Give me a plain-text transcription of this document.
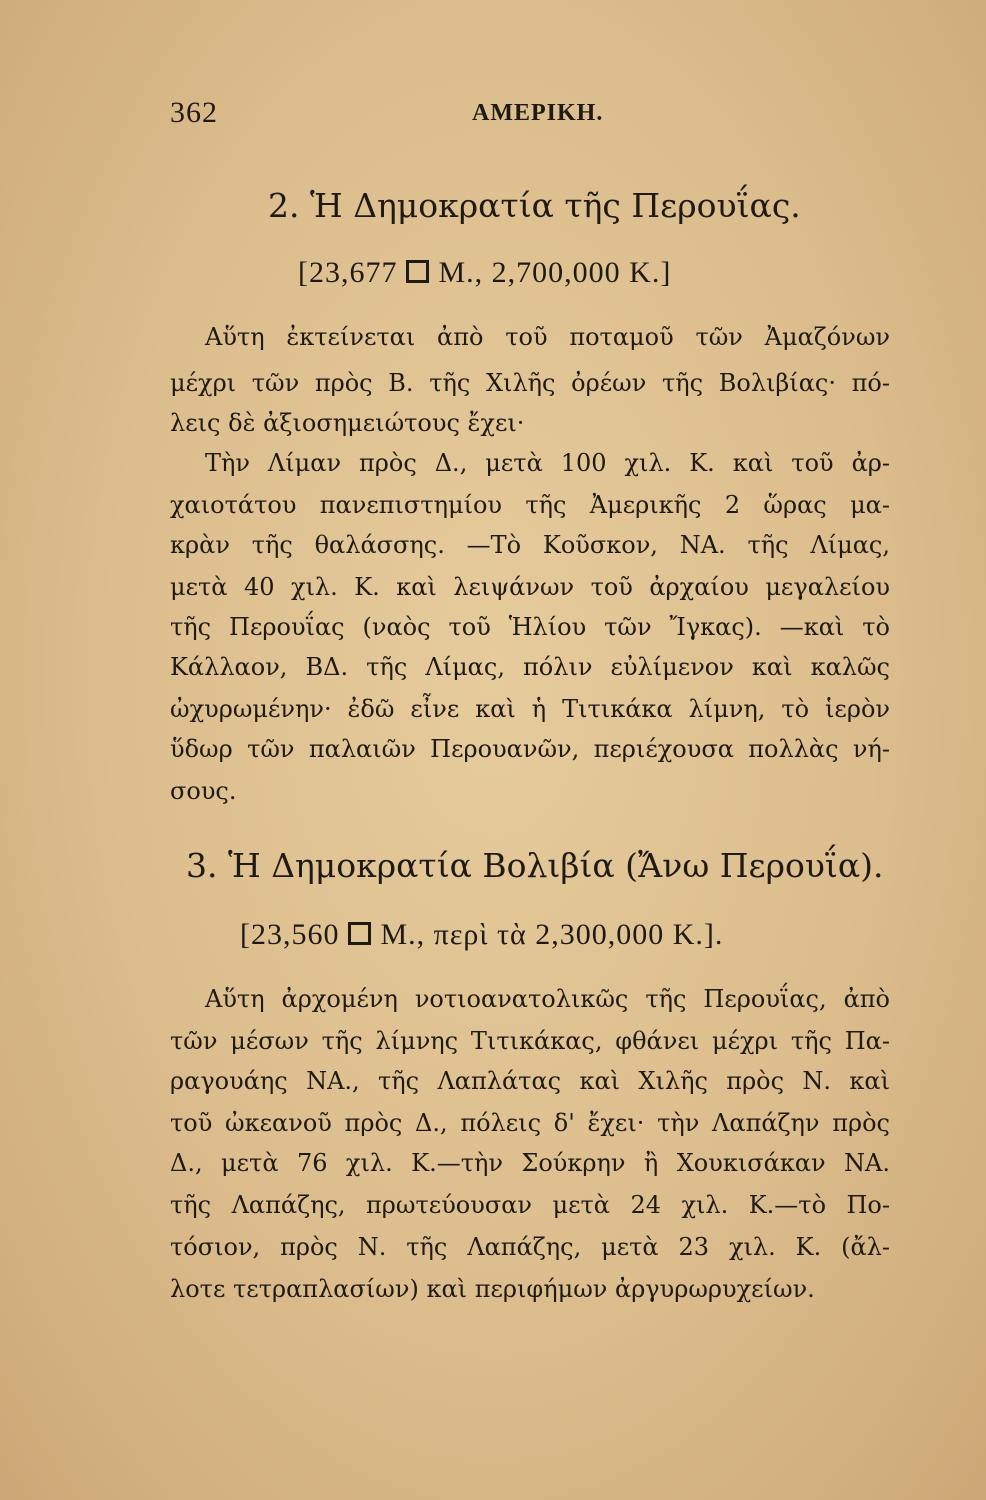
362	ΑΜΕΡΙΚΗ.
2. Ἡ Δημοκρατία τῆς Περουΐας.
[23,677 Μ., 2,700,000 Κ.]
Αὕτη ἐκτείνεται ἀπὸ τοῦ ποταμοῦ τῶν Ἀμαζόνων
μέχρι τῶν πρὸς Β. τῆς Χιλῆς ὀρέων τῆς Βολιβίας· πό-
λεις δὲ ἀξιοσημειώτους ἔχει·
Τὴν Λίμαν πρὸς Δ., μετὰ 100 χιλ. Κ. καὶ τοῦ ἀρ-
χαιοτάτου πανεπιστημίου τῆς Ἀμερικῆς 2 ὥρας μα-
κρὰν τῆς θαλάσσης. —Τὸ Κοῦσκον, ΝΑ. τῆς Λίμας,
μετὰ 40 χιλ. Κ. καὶ λειψάνων τοῦ ἀρχαίου μεγαλείου
τῆς Περουΐας (ναὸς τοῦ Ἡλίου τῶν Ἴγκας). —καὶ τὸ
Κάλλαον, ΒΔ. τῆς Λίμας, πόλιν εὐλίμενον καὶ καλῶς
ὠχυρωμένην· ἐδῶ εἶνε καὶ ἡ Τιτικάκα λίμνη, τὸ ἱερὸν
ὕδωρ τῶν παλαιῶν Περουανῶν, περιέχουσα πολλὰς νή-
σους.
3. Ἡ Δημοκρατία Βολιβία (Ἄνω Περουΐα).
[23,560 Μ., περὶ τὰ 2,300,000 Κ.].
Αὕτη ἀρχομένη νοτιοανατολικῶς τῆς Περουΐας, ἀπὸ
τῶν μέσων τῆς λίμνης Τιτικάκας, φθάνει μέχρι τῆς Πα-
ραγουάης ΝΑ., τῆς Λαπλάτας καὶ Χιλῆς πρὸς Ν. καὶ
τοῦ ὠκεανοῦ πρὸς Δ., πόλεις δ' ἔχει· τὴν Λαπάζην πρὸς
Δ., μετὰ 76 χιλ. Κ.—τὴν Σούκρην ἢ Χουκισάκαν ΝΑ.
τῆς Λαπάζης, πρωτεύουσαν μετὰ 24 χιλ. Κ.—τὸ Πο-
τόσιον, πρὸς Ν. τῆς Λαπάζης, μετὰ 23 χιλ. Κ. (ἄλ-
λοτε τετραπλασίων) καὶ περιφήμων ἀργυρωρυχείων.
